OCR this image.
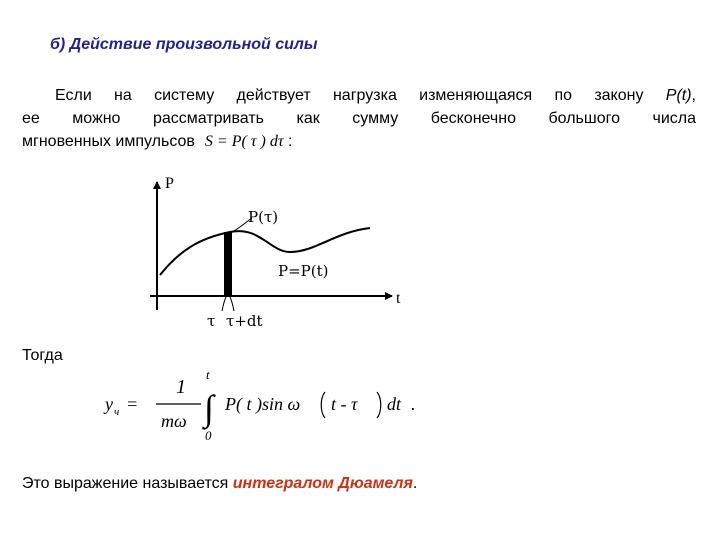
б) Действие произвольной силы

Если на систему действует нагрузка изменяющаяся по закону P(t),
ее можно рассматривать как сумму бесконечно большого числа
мгновенных импульсов S = P( τ ) dτ :

P
t
P(τ)
P=P(t)
τ τ+dt
Тогда
y ч =
1
mω
t
∫
0
P( t )sin ω t - τ dt .
Это выражение называется интегралом Дюамеля.
